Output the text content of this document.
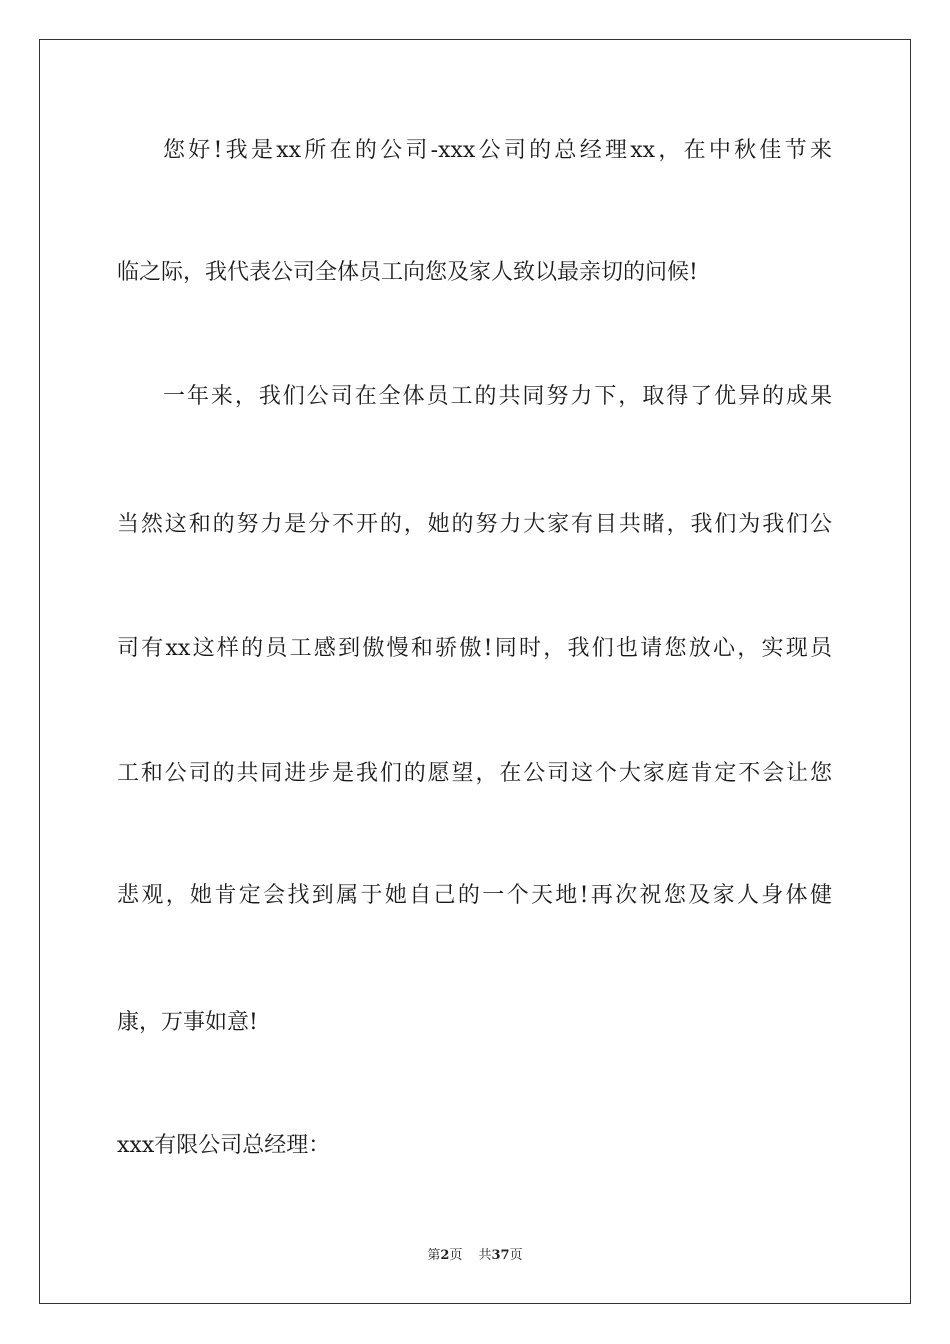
您好!我是xx所在的公司-xxx公司的总经理xx，在中秋佳节来
临之际，我代表公司全体员工向您及家人致以最亲切的问候!
一年来，我们公司在全体员工的共同努力下，取得了优异的成果
当然这和的努力是分不开的，她的努力大家有目共睹，我们为我们公
司有xx这样的员工感到傲慢和骄傲!同时，我们也请您放心，实现员
工和公司的共同进步是我们的愿望，在公司这个大家庭肯定不会让您
悲观，她肯定会找到属于她自己的一个天地!再次祝您及家人身体健
康，万事如意!
xxx有限公司总经理：
第2页 共37页
